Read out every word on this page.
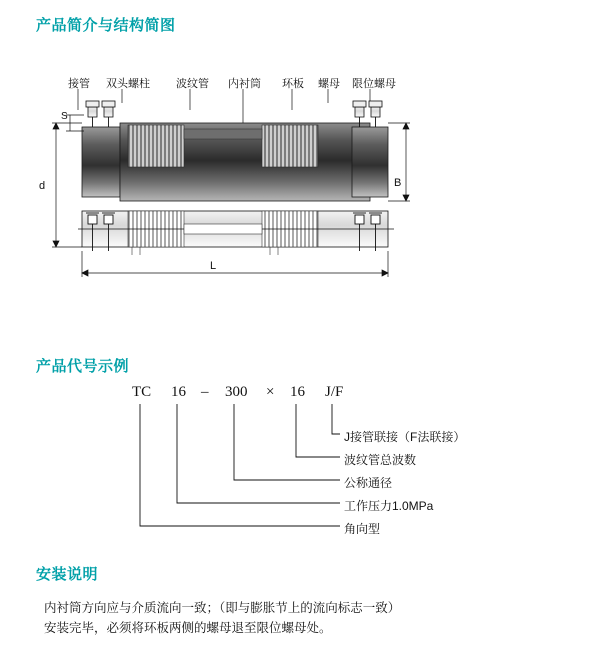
产品简介与结构简图
接管 双头螺柱 波纹管 内衬筒 环板 螺母 限位螺母
S
d	B
L
产品代号示例
TC 16 – 300 × 16 J/F
J接管联接（F法联接）
波纹管总波数
公称通径
工作压力1.0MPa
角向型
安装说明
内衬筒方向应与介质流向一致；（即与膨胀节上的流向标志一致）
安装完毕，必须将环板两侧的螺母退至限位螺母处。
